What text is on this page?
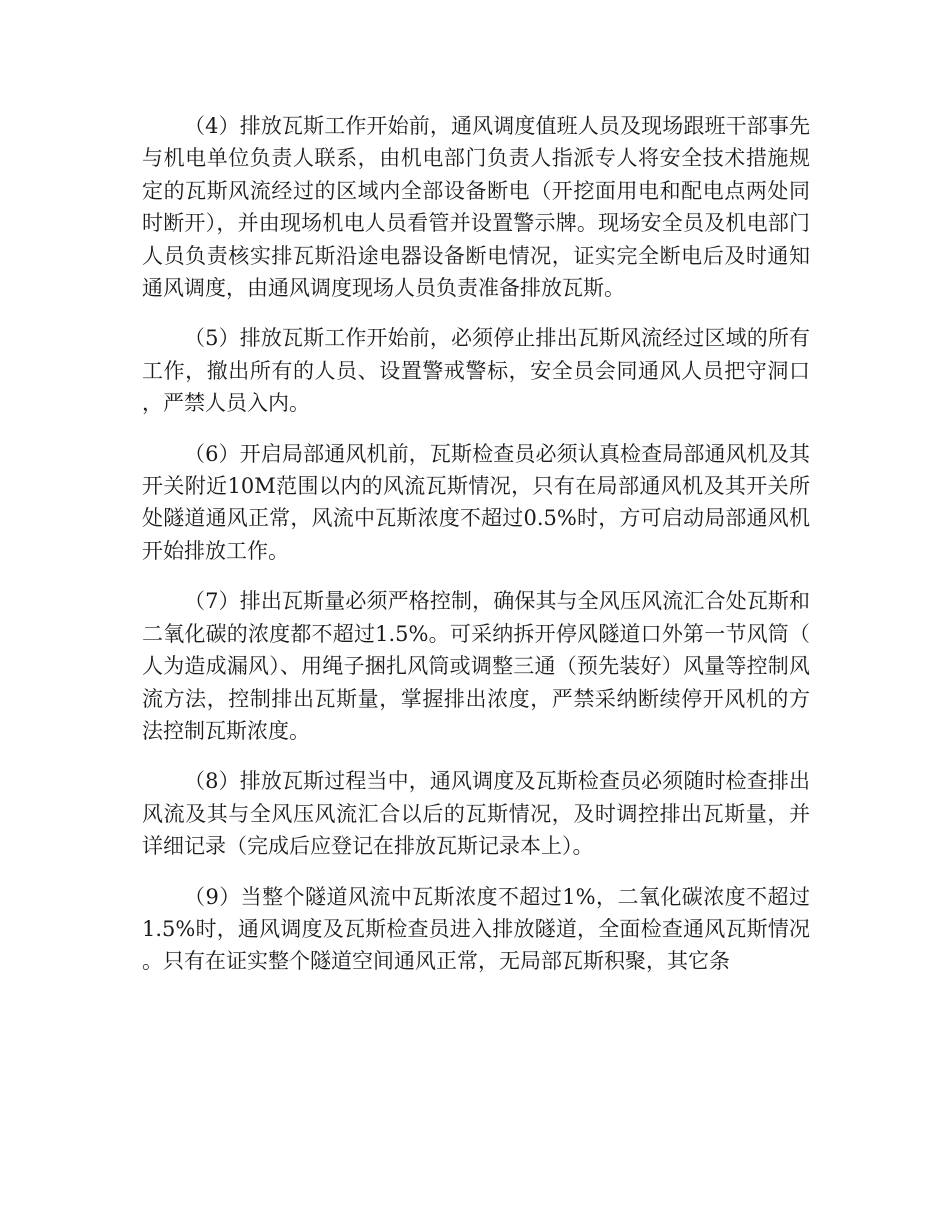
（4）排放瓦斯工作开始前，通风调度值班人员及现场跟班干部事先与机电单位负责人联系，由机电部门负责人指派专人将安全技术措施规定的瓦斯风流经过的区域内全部设备断电（开挖面用电和配电点两处同时断开），并由现场机电人员看管并设置警示牌。现场安全员及机电部门人员负责核实排瓦斯沿途电器设备断电情况，证实完全断电后及时通知通风调度，由通风调度现场人员负责准备排放瓦斯。

（5）排放瓦斯工作开始前，必须停止排出瓦斯风流经过区域的所有工作，撤出所有的人员、设置警戒警标，安全员会同通风人员把守洞口，严禁人员入内。

（6）开启局部通风机前，瓦斯检查员必须认真检查局部通风机及其开关附近10M范围以内的风流瓦斯情况，只有在局部通风机及其开关所处隧道通风正常，风流中瓦斯浓度不超过0.5%时，方可启动局部通风机开始排放工作。

（7）排出瓦斯量必须严格控制，确保其与全风压风流汇合处瓦斯和二氧化碳的浓度都不超过1.5%。可采纳拆开停风隧道口外第一节风筒（人为造成漏风）、用绳子捆扎风筒或调整三通（预先装好）风量等控制风流方法，控制排出瓦斯量，掌握排出浓度，严禁采纳断续停开风机的方法控制瓦斯浓度。

（8）排放瓦斯过程当中，通风调度及瓦斯检查员必须随时检查排出风流及其与全风压风流汇合以后的瓦斯情况，及时调控排出瓦斯量，并详细记录（完成后应登记在排放瓦斯记录本上）。

（9）当整个隧道风流中瓦斯浓度不超过1%，二氧化碳浓度不超过1.5%时，通风调度及瓦斯检查员进入排放隧道，全面检查通风瓦斯情况。只有在证实整个隧道空间通风正常，无局部瓦斯积聚，其它条
